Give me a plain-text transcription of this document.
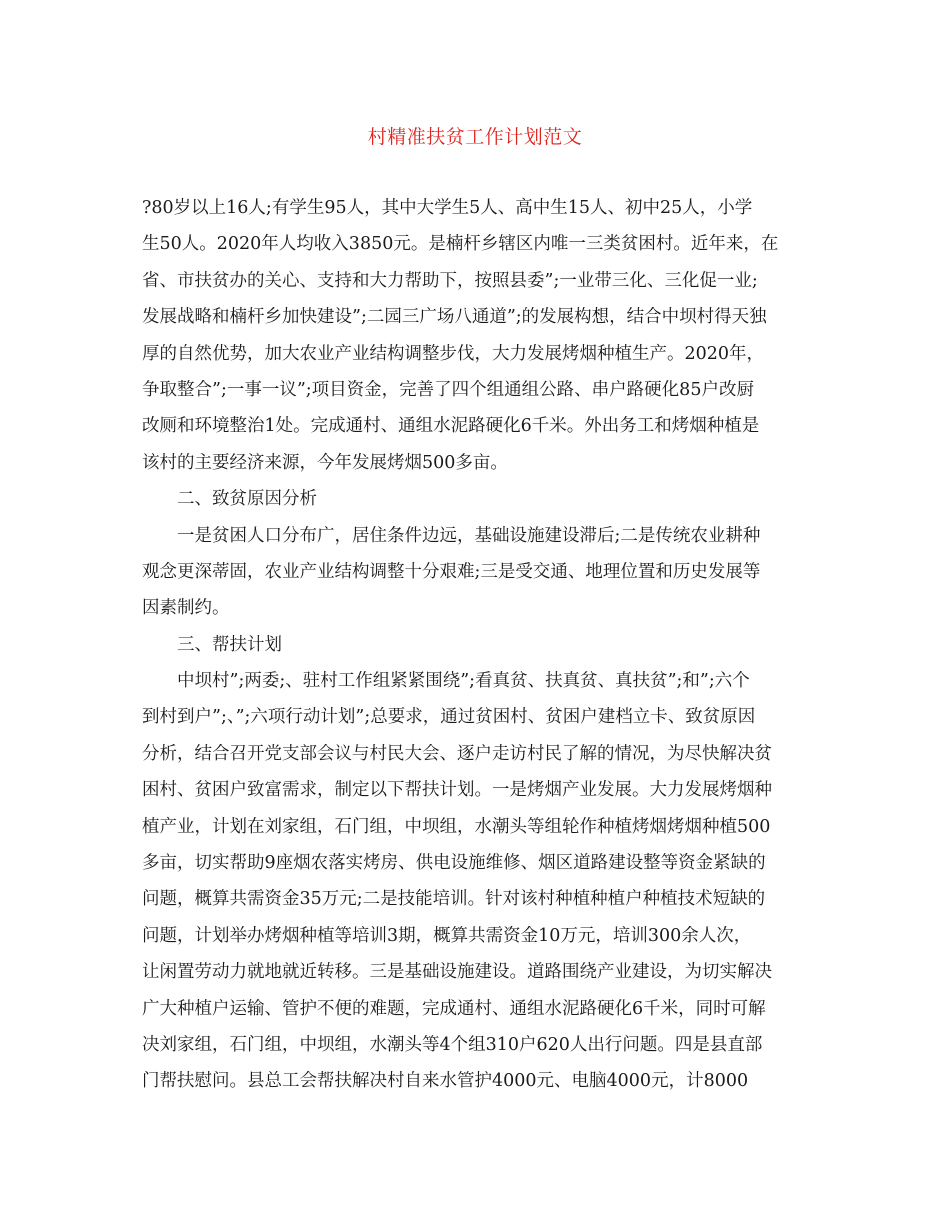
村精准扶贫工作计划范文
?80岁以上16人;有学生95人，其中大学生5人、高中生15人、初中25人，小学
生50人。2020年人均收入3850元。是楠杆乡辖区内唯一三类贫困村。近年来，在
省、市扶贫办的关心、支持和大力帮助下，按照县委”;一业带三化、三化促一业;
发展战略和楠杆乡加快建设”;二园三广场八通道”;的发展构想，结合中坝村得天独
厚的自然优势，加大农业产业结构调整步伐，大力发展烤烟种植生产。2020年，
争取整合”;一事一议”;项目资金，完善了四个组通组公路、串户路硬化85户改厨
改厕和环境整治1处。完成通村、通组水泥路硬化6千米。外出务工和烤烟种植是
该村的主要经济来源，今年发展烤烟500多亩。
二、致贫原因分析
一是贫困人口分布广，居住条件边远，基础设施建设滞后;二是传统农业耕种
观念更深蒂固，农业产业结构调整十分艰难;三是受交通、地理位置和历史发展等
因素制约。
三、帮扶计划
中坝村”;两委;、驻村工作组紧紧围绕”;看真贫、扶真贫、真扶贫”;和”;六个
到村到户”;、”;六项行动计划”;总要求，通过贫困村、贫困户建档立卡、致贫原因
分析，结合召开党支部会议与村民大会、逐户走访村民了解的情况，为尽快解决贫
困村、贫困户致富需求，制定以下帮扶计划。一是烤烟产业发展。大力发展烤烟种
植产业，计划在刘家组，石门组，中坝组，水潮头等组轮作种植烤烟烤烟种植500
多亩，切实帮助9座烟农落实烤房、供电设施维修、烟区道路建设整等资金紧缺的
问题，概算共需资金35万元;二是技能培训。针对该村种植种植户种植技术短缺的
问题，计划举办烤烟种植等培训3期，概算共需资金10万元，培训300余人次，
让闲置劳动力就地就近转移。三是基础设施建设。道路围绕产业建设，为切实解决
广大种植户运输、管护不便的难题，完成通村、通组水泥路硬化6千米，同时可解
决刘家组，石门组，中坝组，水潮头等4个组310户620人出行问题。四是县直部
门帮扶慰问。县总工会帮扶解决村自来水管护4000元、电脑4000元，计8000
